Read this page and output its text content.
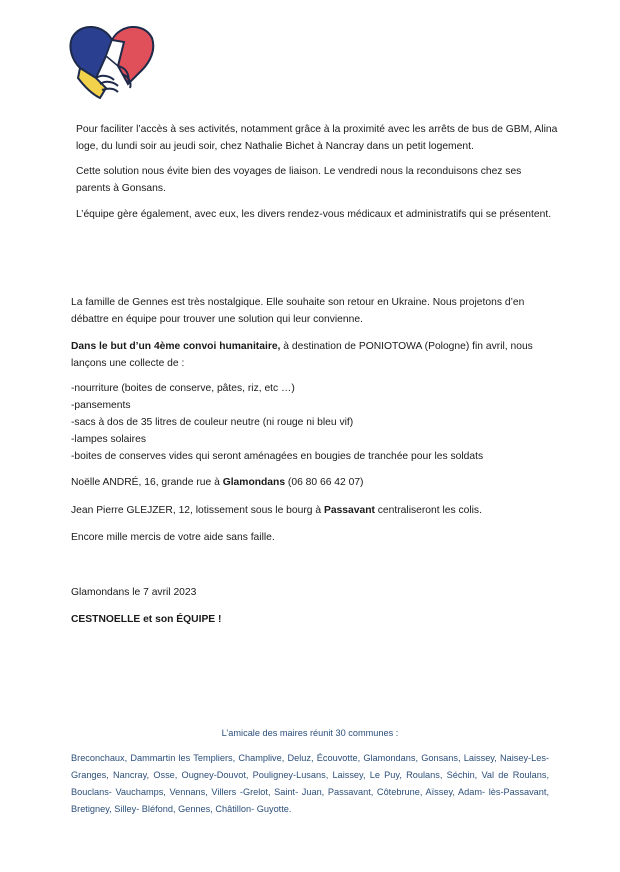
Pour faciliter l’accès à ses activités, notamment grâce à la proximité avec les arrêts de bus de GBM, Alina loge, du lundi soir au jeudi soir, chez Nathalie Bichet à Nancray dans un petit logement.

Cette solution nous évite bien des voyages de liaison. Le vendredi nous la reconduisons chez ses parents à Gonsans.

L’équipe gère également, avec eux, les divers rendez-vous médicaux et administratifs qui se présentent.

La famille de Gennes est très nostalgique. Elle souhaite son retour en Ukraine. Nous projetons d’en débattre en équipe pour trouver une solution qui leur convienne.

Dans le but d’un 4ème convoi humanitaire, à destination de PONIOTOWA (Pologne) fin avril, nous lançons une collecte de :

-nourriture (boites de conserve, pâtes, riz, etc …)
-pansements
-sacs à dos de 35 litres de couleur neutre (ni rouge ni bleu vif)
-lampes solaires
-boites de conserves vides qui seront aménagées en bougies de tranchée pour les soldats

Noëlle ANDRÉ, 16, grande rue à Glamondans (06 80 66 42 07)

Jean Pierre GLEJZER, 12, lotissement sous le bourg à Passavant centraliseront les colis.

Encore mille mercis de votre aide sans faille.

Glamondans le 7 avril 2023

CESTNOELLE et son ÉQUIPE !

L’amicale des maires réunit 30 communes :
Breconchaux, Dammartin les Templiers, Champlive, Deluz, Écouvotte, Glamondans, Gonsans, Laissey, Naisey-Les-Granges, Nancray, Osse, Ougney-Douvot, Pouligney-Lusans, Laissey, Le Puy, Roulans, Séchin, Val de Roulans, Bouclans- Vauchamps, Vennans, Villers -Grelot, Saint- Juan, Passavant, Côtebrune, Aïssey, Adam- lès-Passavant, Bretigney, Silley- Bléfond, Gennes, Châtillon- Guyotte.
